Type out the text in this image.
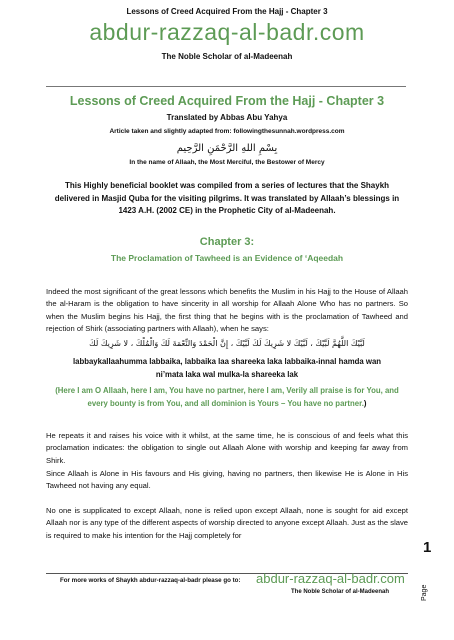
Lessons of Creed Acquired From the Hajj - Chapter 3
abdur-razzaq-al-badr.com
The Noble Scholar of al-Madeenah
Lessons of Creed Acquired From the Hajj - Chapter 3
Translated by Abbas Abu Yahya
Article taken and slightly adapted from: followingthesunnah.wordpress.com
بِسْمِ اللهِ الرَّحْمَنِ الرَّحِيم
In the name of Allaah, the Most Merciful, the Bestower of Mercy
This Highly beneficial booklet was compiled from a series of lectures that the Shaykh delivered in Masjid Quba for the visiting pilgrims. It was translated by Allaah’s blessings in 1423 A.H. (2002 CE) in the Prophetic City of al-Madeenah.
Chapter 3:
The Proclamation of Tawheed is an Evidence of ‘Aqeedah
Indeed the most significant of the great lessons which benefits the Muslim in his Hajj to the House of Allaah the al-Haram is the obligation to have sincerity in all worship for Allaah Alone Who has no partners. So when the Muslim begins his Hajj, the first thing that he begins with is the proclamation of Tawheed and rejection of Shirk (associating partners with Allaah), when he says:
لَبَّيْكَ اللَّهُمَّ لَبَّيْكَ ، لَبَّيْكَ لا شَرِيكَ لَكَ لَبَّيْكَ ، إِنَّ الْحَمْدَ وَالنِّعْمَةَ لَكَ وَالْمُلْكَ ، لا شَرِيكَ لَكَ
labbaykallaahumma labbaika, labbaika laa shareeka laka labbaika-innal hamda wan ni’mata laka wal mulka-la shareeka lak
(Here I am O Allaah, here I am, You have no partner, here I am, Verily all praise is for You, and every bounty is from You, and all dominion is Yours – You have no partner.)
He repeats it and raises his voice with it whilst, at the same time, he is conscious of and feels what this proclamation indicates: the obligation to single out Allaah Alone with worship and keeping far away from Shirk.
Since Allaah is Alone in His favours and His giving, having no partners, then likewise He is Alone in His Tawheed not having any equal.
No one is supplicated to except Allaah, none is relied upon except Allaah, none is sought for aid except Allaah nor is any type of the different aspects of worship directed to anyone except Allaah. Just as the slave is required to make his intention for the Hajj completely for
For more works of Shaykh abdur-razzaq-al-badr please go to: abdur-razzaq-al-badr.com
The Noble Scholar of al-Madeenah	Page
1
